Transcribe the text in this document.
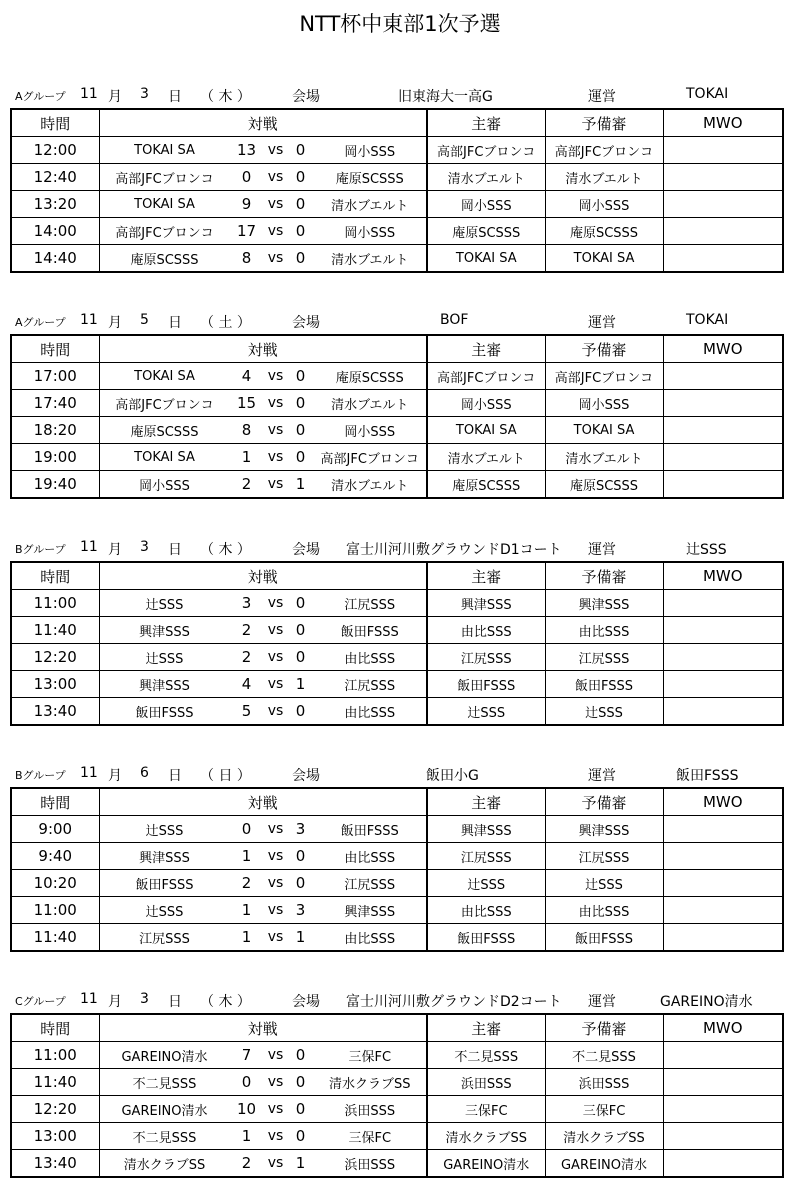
NTT杯中東部1次予選
Aグループ 11 月 3 日 （ 木 ）	会場	旧東海大一高G	運営	TOKAI
時間	対戦	主審	予備審	MWO
12:00	TOKAI SA 13 vs 0 岡小SSS	高部JFCブロンコ	高部JFCブロンコ	
12:40	高部JFCブロンコ 0 vs 0 庵原SCSSS	清水ブエルト	清水ブエルト	
13:20	TOKAI SA 9 vs 0 清水ブエルト	岡小SSS	岡小SSS	
14:00	高部JFCブロンコ 17 vs 0 岡小SSS	庵原SCSSS	庵原SCSSS	
14:40	庵原SCSSS 8 vs 0 清水ブエルト	TOKAI SA	TOKAI SA	
Aグループ 11 月 5 日 （ 土 ）	会場	BOF	運営	TOKAI
時間	対戦	主審	予備審	MWO
17:00	TOKAI SA 4 vs 0 庵原SCSSS	高部JFCブロンコ	高部JFCブロンコ	
17:40	高部JFCブロンコ 15 vs 0 清水ブエルト	岡小SSS	岡小SSS	
18:20	庵原SCSSS 8 vs 0 岡小SSS	TOKAI SA	TOKAI SA	
19:00	TOKAI SA 1 vs 0 高部JFCブロンコ	清水ブエルト	清水ブエルト	
19:40	岡小SSS 2 vs 1 清水ブエルト	庵原SCSSS	庵原SCSSS	
Bグループ 11 月 3 日 （ 木 ）	会場 富士川河川敷グラウンドD1コート 運営	辻SSS
時間	対戦	主審	予備審	MWO
11:00	辻SSS 3 vs 0 江尻SSS	興津SSS	興津SSS	
11:40	興津SSS 2 vs 0 飯田FSSS	由比SSS	由比SSS	
12:20	辻SSS 2 vs 0 由比SSS	江尻SSS	江尻SSS	
13:00	興津SSS 4 vs 1 江尻SSS	飯田FSSS	飯田FSSS	
13:40	飯田FSSS 5 vs 0 由比SSS	辻SSS	辻SSS	
Bグループ 11 月 6 日 （ 日 ）	会場	飯田小G	運営	飯田FSSS
時間	対戦	主審	予備審	MWO
9:00	辻SSS 0 vs 3 飯田FSSS	興津SSS	興津SSS	
9:40	興津SSS 1 vs 0 由比SSS	江尻SSS	江尻SSS	
10:20	飯田FSSS 2 vs 0 江尻SSS	辻SSS	辻SSS	
11:00	辻SSS 1 vs 3 興津SSS	由比SSS	由比SSS	
11:40	江尻SSS 1 vs 1 由比SSS	飯田FSSS	飯田FSSS	
Cグループ 11 月 3 日 （ 木 ）	会場 富士川河川敷グラウンドD2コート 運営	GAREINO清水
時間	対戦	主審	予備審	MWO
11:00	GAREINO清水 7 vs 0 三保FC	不二見SSS	不二見SSS	
11:40	不二見SSS 0 vs 0 清水クラブSS	浜田SSS	浜田SSS	
12:20	GAREINO清水 10 vs 0 浜田SSS	三保FC	三保FC	
13:00	不二見SSS 1 vs 0 三保FC	清水クラブSS	清水クラブSS	
13:40	清水クラブSS 2 vs 1 浜田SSS	GAREINO清水	GAREINO清水	
